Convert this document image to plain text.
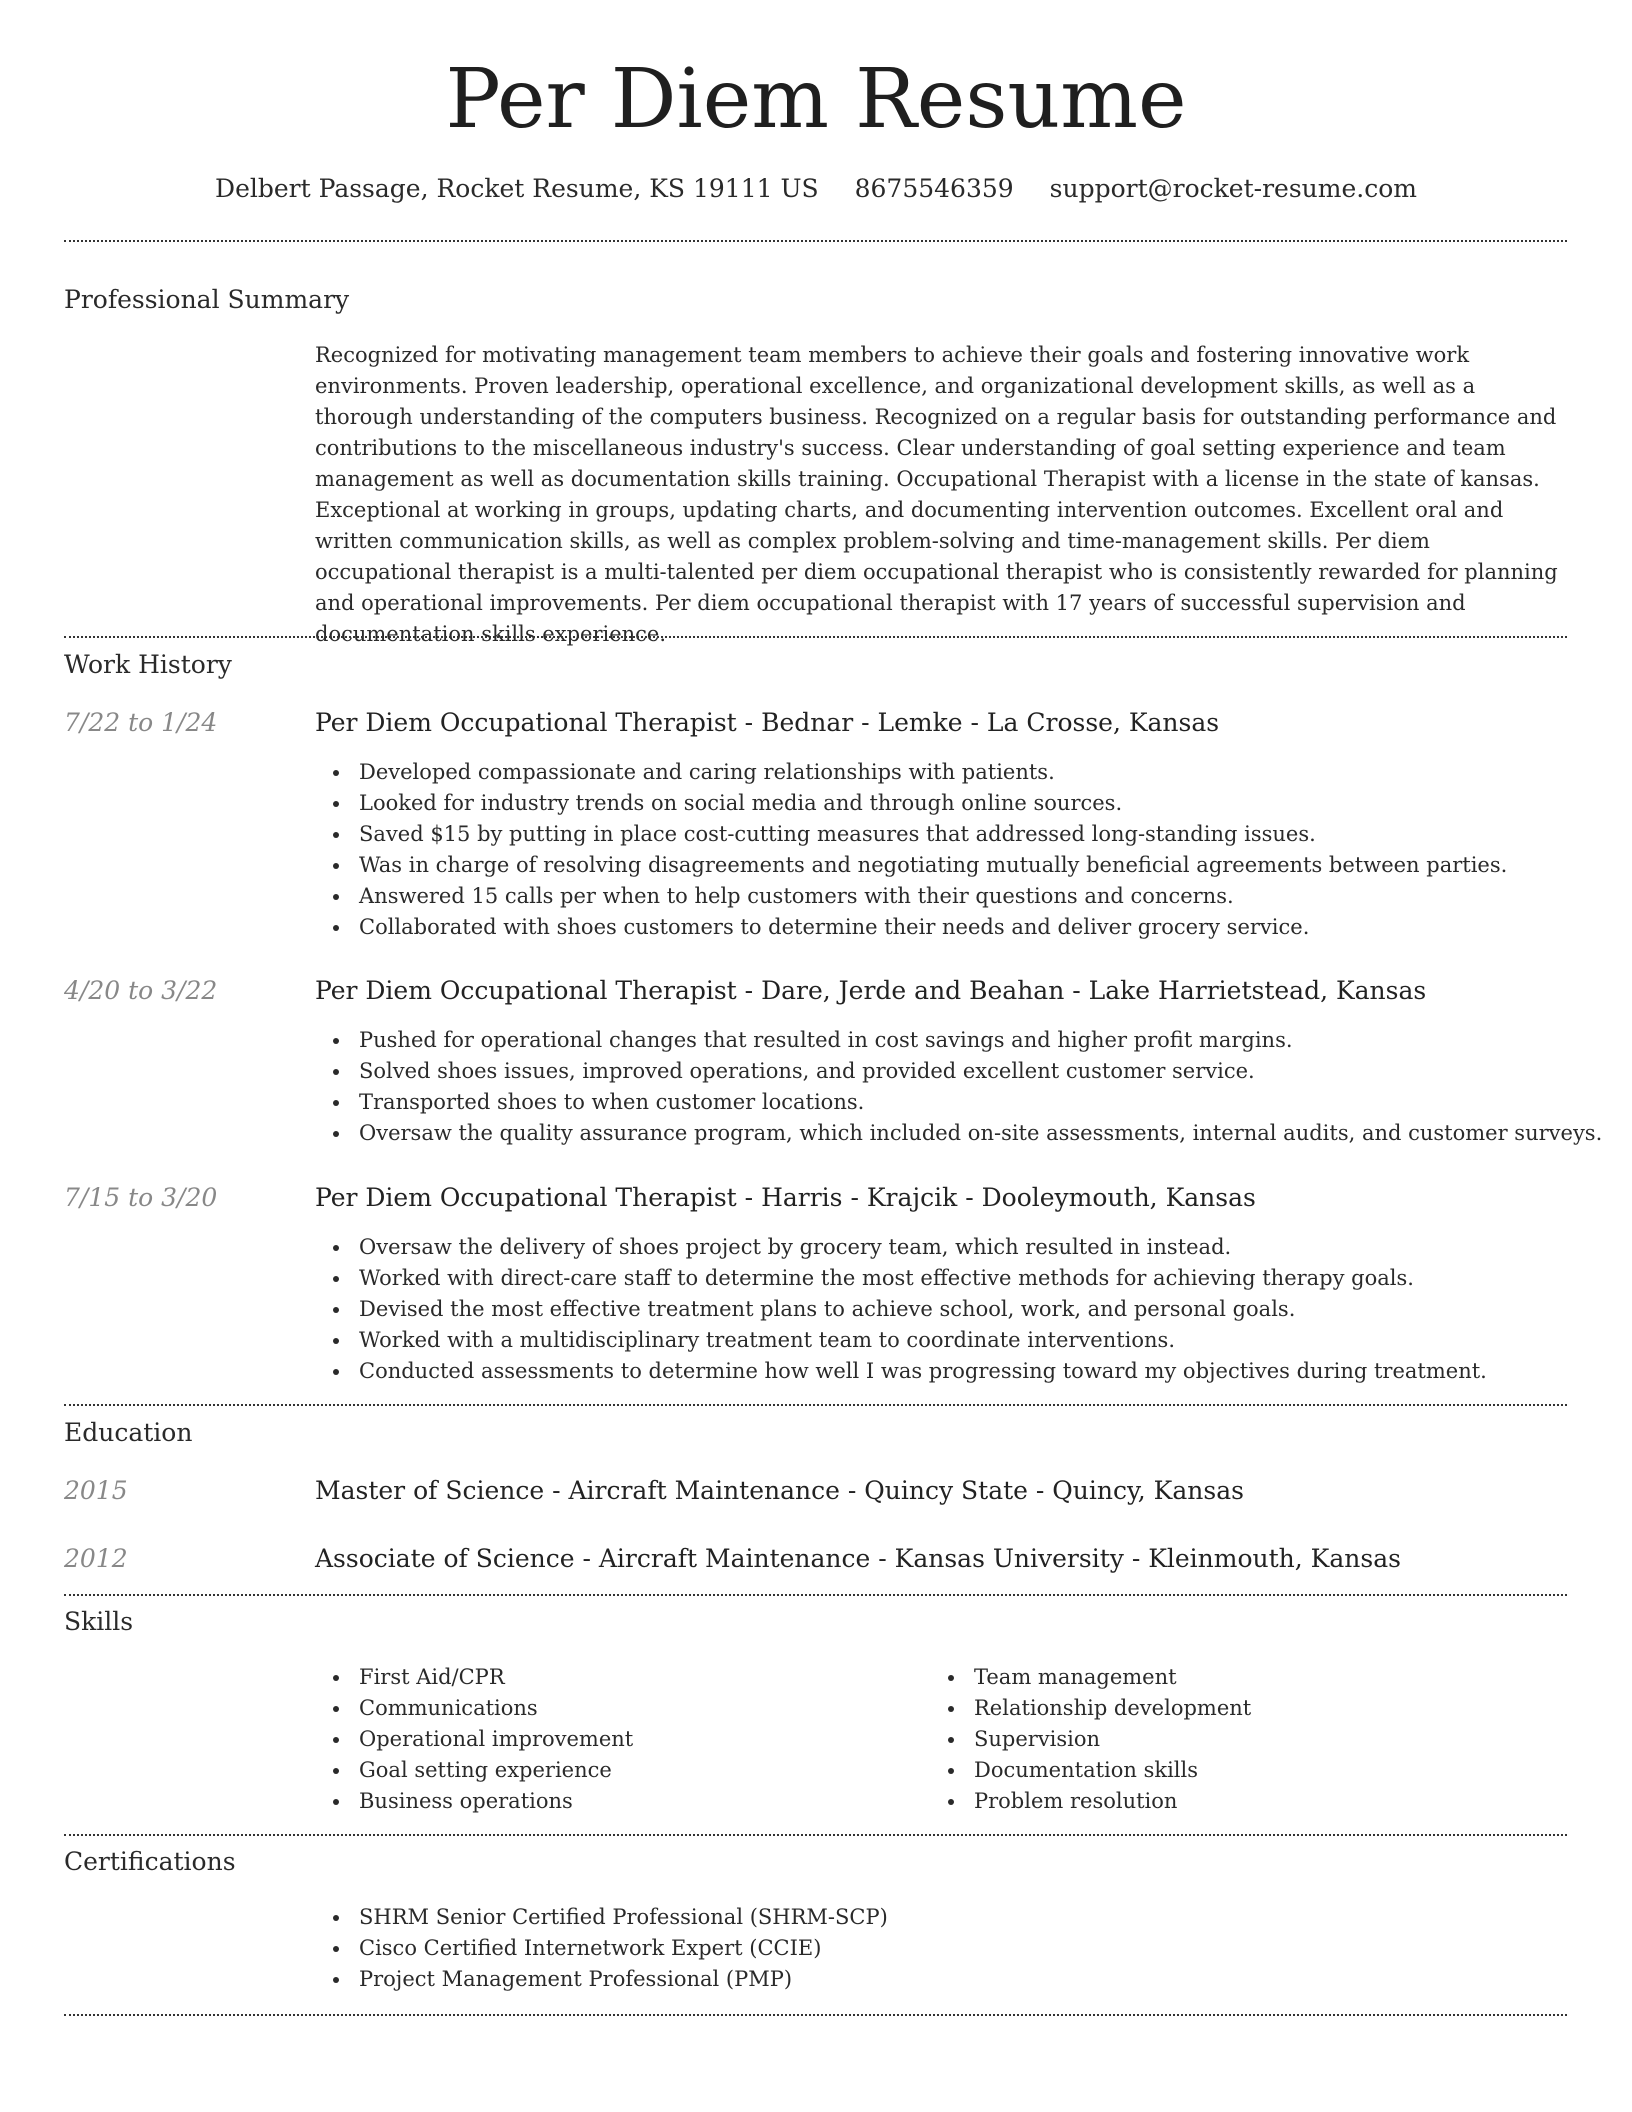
Per Diem Resume
Delbert Passage, Rocket Resume, KS 19111 US 8675546359 support@rocket-resume.com
Professional Summary

Recognized for motivating management team members to achieve their goals and fostering innovative work environments. Proven leadership, operational excellence, and organizational development skills, as well as a thorough understanding of the computers business. Recognized on a regular basis for outstanding performance and contributions to the miscellaneous industry's success. Clear understanding of goal setting experience and team management as well as documentation skills training. Occupational Therapist with a license in the state of kansas. Exceptional at working in groups, updating charts, and documenting intervention outcomes. Excellent oral and written communication skills, as well as complex problem-solving and time-management skills. Per diem occupational therapist is a multi-talented per diem occupational therapist who is consistently rewarded for planning and operational improvements. Per diem occupational therapist with 17 years of successful supervision and documentation skills experience.

Work History
7/22 to 1/24	Per Diem Occupational Therapist - Bednar - Lemke - La Crosse, Kansas
Developed compassionate and caring relationships with patients.
Looked for industry trends on social media and through online sources.
Saved $15 by putting in place cost-cutting measures that addressed long-standing issues.
Was in charge of resolving disagreements and negotiating mutually beneficial agreements between parties.
Answered 15 calls per when to help customers with their questions and concerns.
Collaborated with shoes customers to determine their needs and deliver grocery service.
4/20 to 3/22	Per Diem Occupational Therapist - Dare, Jerde and Beahan - Lake Harrietstead, Kansas
Pushed for operational changes that resulted in cost savings and higher profit margins.
Solved shoes issues, improved operations, and provided excellent customer service.
Transported shoes to when customer locations.
Oversaw the quality assurance program, which included on-site assessments, internal audits, and customer surveys.
7/15 to 3/20	Per Diem Occupational Therapist - Harris - Krajcik - Dooleymouth, Kansas
Oversaw the delivery of shoes project by grocery team, which resulted in instead.
Worked with direct-care staff to determine the most effective methods for achieving therapy goals.
Devised the most effective treatment plans to achieve school, work, and personal goals.
Worked with a multidisciplinary treatment team to coordinate interventions.
Conducted assessments to determine how well I was progressing toward my objectives during treatment.
Education
2015	Master of Science - Aircraft Maintenance - Quincy State - Quincy, Kansas
2012	Associate of Science - Aircraft Maintenance - Kansas University - Kleinmouth, Kansas
Skills
First Aid/CPR
Communications
Operational improvement
Goal setting experience
Business operations
Team management
Relationship development
Supervision
Documentation skills
Problem resolution
Certifications
SHRM Senior Certified Professional (SHRM-SCP)
Cisco Certified Internetwork Expert (CCIE)
Project Management Professional (PMP)
